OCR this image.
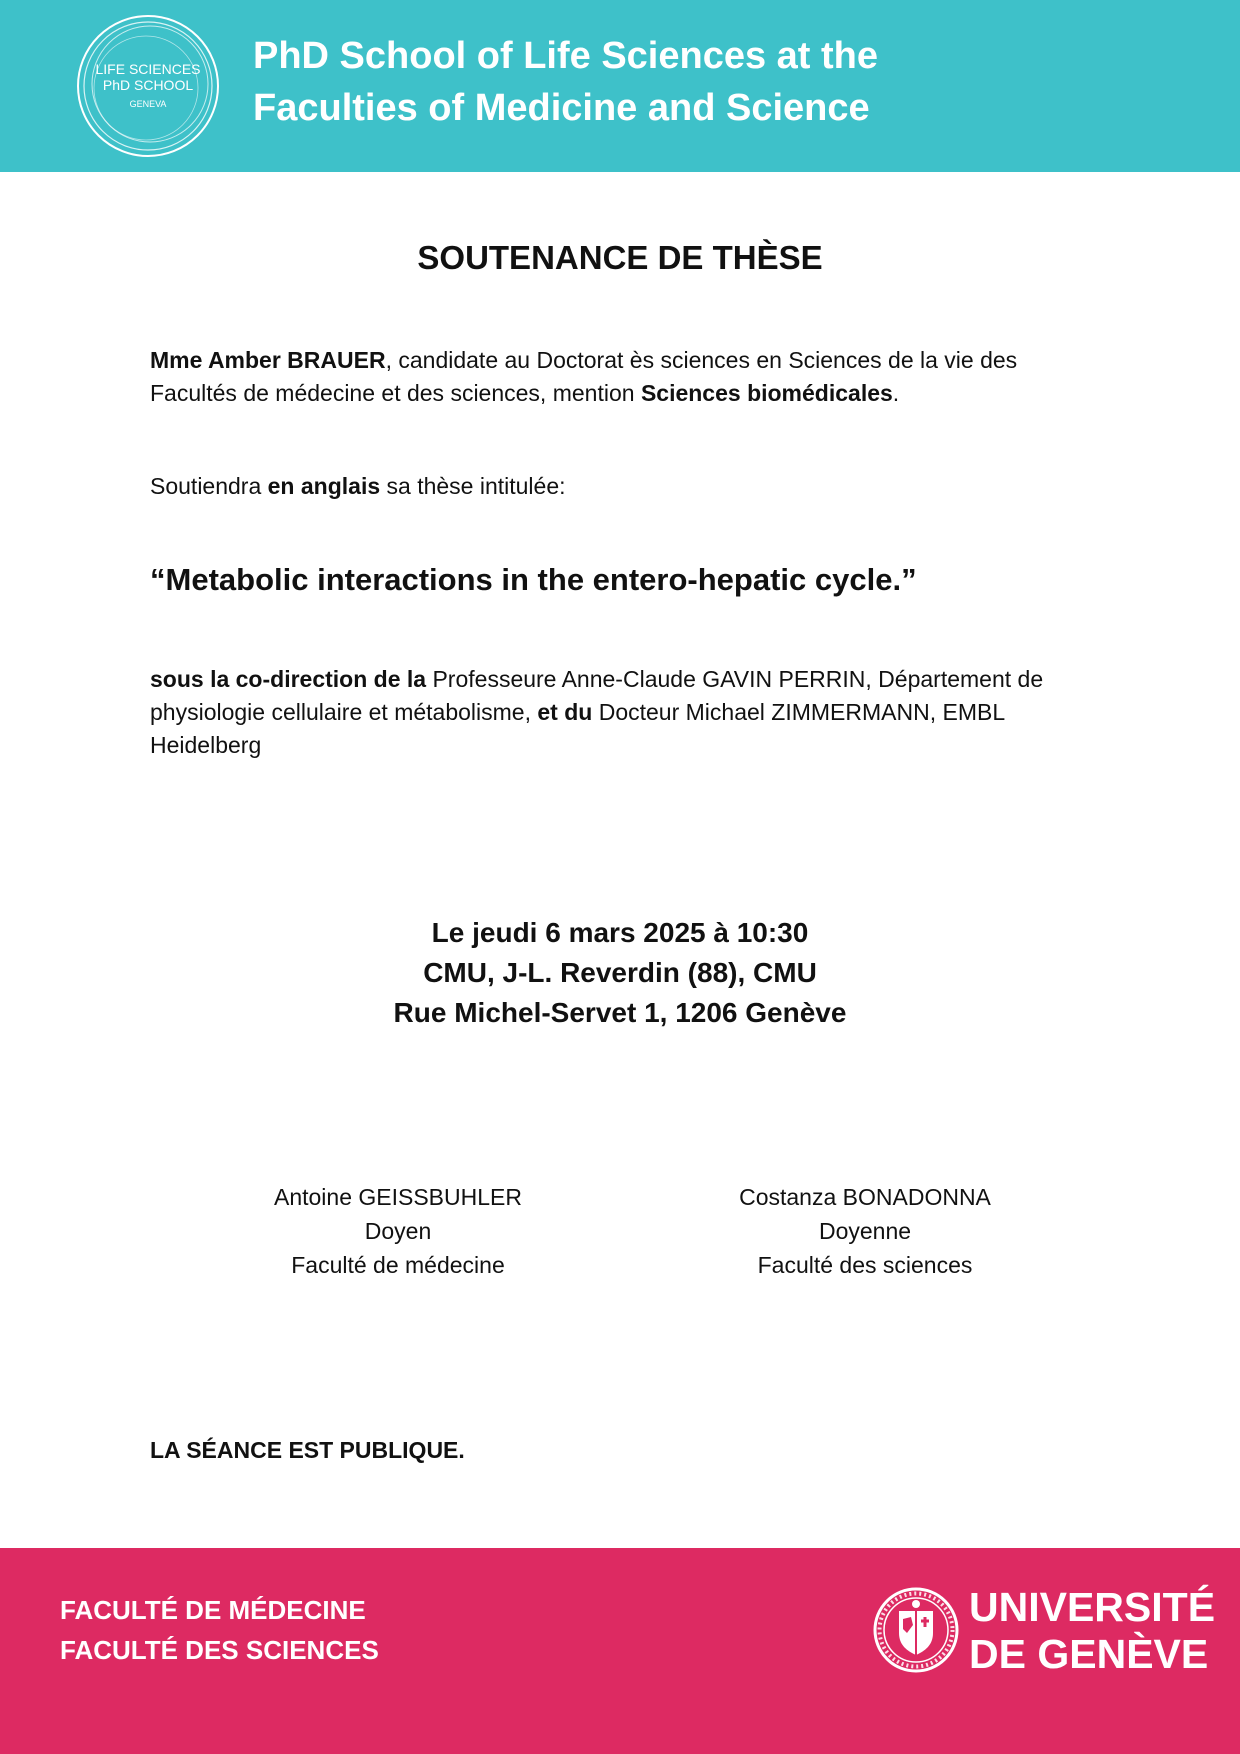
LIFE SCIENCES
PhD SCHOOL
GENEVA
PhD School of Life Sciences at the
Faculties of Medicine and Science
SOUTENANCE DE THÈSE
Mme Amber BRAUER, candidate au Doctorat ès sciences en Sciences de la vie des Facultés de médecine et des sciences, mention Sciences biomédicales.
Soutiendra en anglais sa thèse intitulée:
“Metabolic interactions in the entero-hepatic cycle.”
sous la co-direction de la Professeure Anne-Claude GAVIN PERRIN, Département de physiologie cellulaire et métabolisme, et du Docteur Michael ZIMMERMANN, EMBL Heidelberg
Le jeudi 6 mars 2025 à 10:30
CMU, J-L. Reverdin (88), CMU
Rue Michel-Servet 1, 1206 Genève
Antoine GEISSBUHLER
Doyen
Faculté de médecine
Costanza BONADONNA
Doyenne
Faculté des sciences
LA SÉANCE EST PUBLIQUE.
FACULTÉ DE MÉDECINE
FACULTÉ DES SCIENCES
UNIVERSITÉ
DE GENÈVE
